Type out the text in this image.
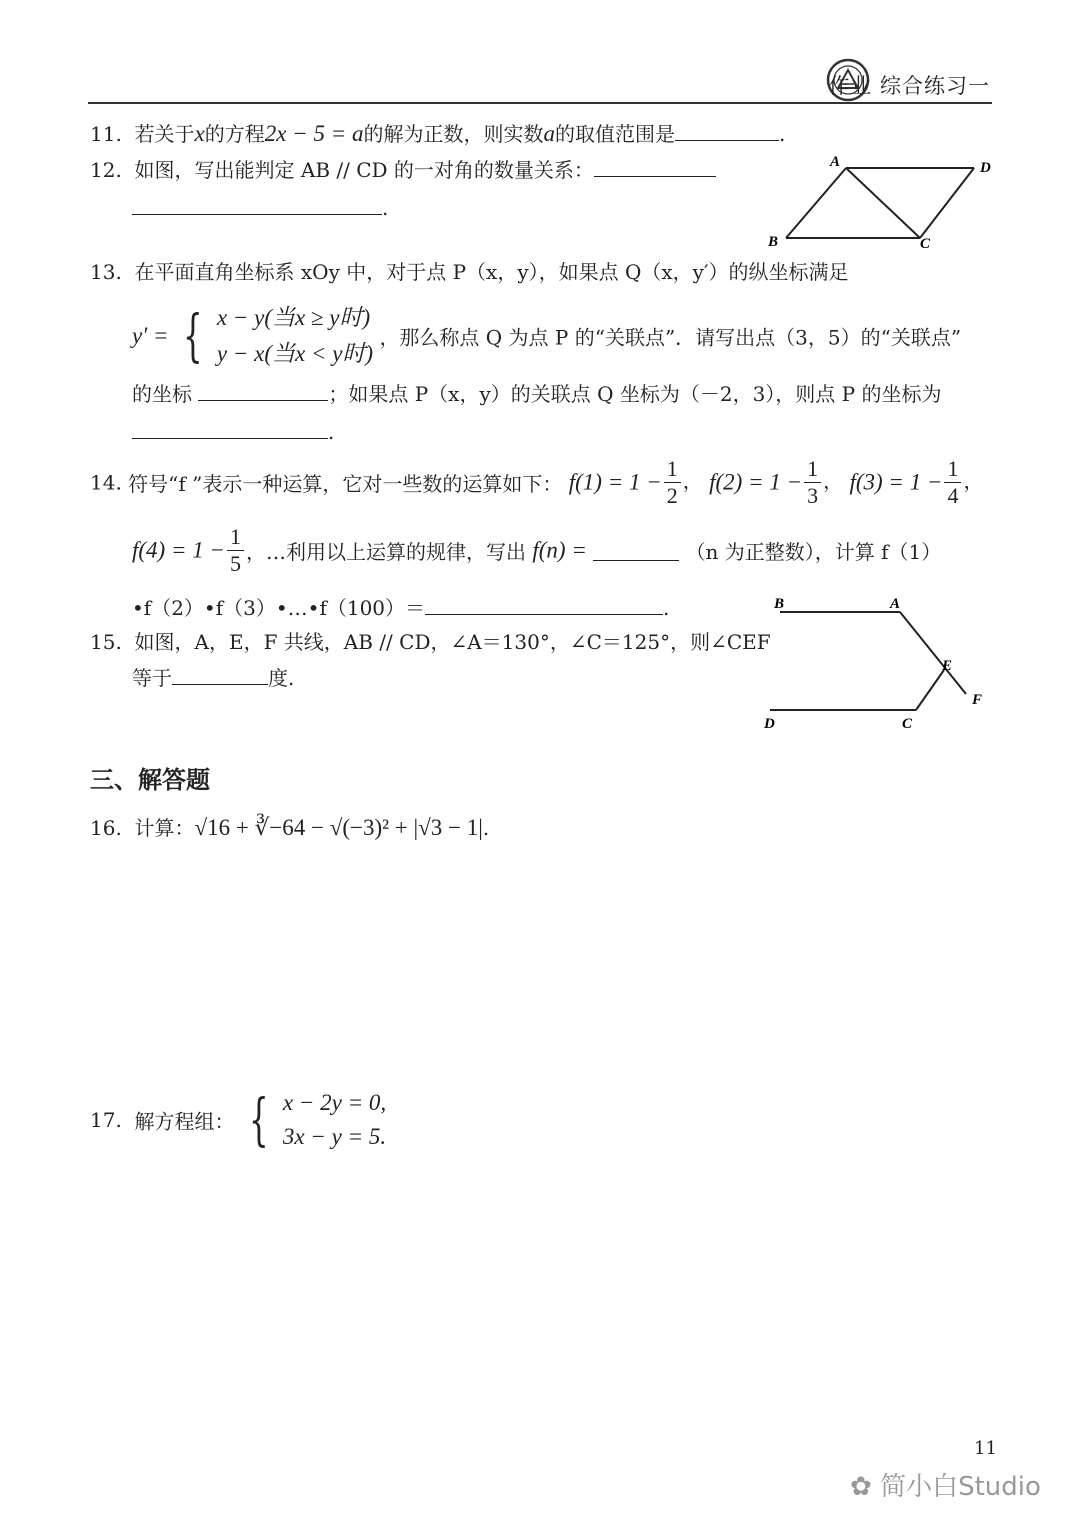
作业 综合练习一
11. 若关于x的方程2x − 5 = a的解为正数，则实数a的取值范围是	.
12. 如图，写出能判定 AB // CD 的一对角的数量关系：
.
A	D
B	C
13. 在平面直角坐标系 xOy 中，对于点 P（x，y），如果点 Q（x，y′）的纵坐标满足
y′ = { x − y(当x ≥ y时)
y − x(当x < y时)
，那么称点 Q 为点 P 的“关联点”．请写出点（3，5）的“关联点”
的坐标	；如果点 P（x，y）的关联点 Q 坐标为（－2，3），则点 P 的坐标为
.
14. 符号“f ”表示一种运算，它对一些数的运算如下： $f(1) = 1 - \frac{1}{2}$ ， $f(2) = 1 - \frac{1}{3}$ ， $f(3) = 1 - \frac{1}{4}$ ，
$f(4) = 1 - \frac{1}{5}$ ，…利用以上运算的规律，写出 f(n) =	（n 为正整数），计算 f（1）
•f（2）•f（3）•…•f（100）＝	.
15. 如图，A，E，F 共线，AB // CD，∠A＝130°，∠C＝125°，则∠CEF
等于	度.
B	A
E
F
D	C
三、解答题
16. 计算：√16 + ∛−64 − √(−3)² + |√3 − 1|.
17. 解方程组： { x − 2y = 0,
3x − y = 5.
11
✿ 简小白Studio
